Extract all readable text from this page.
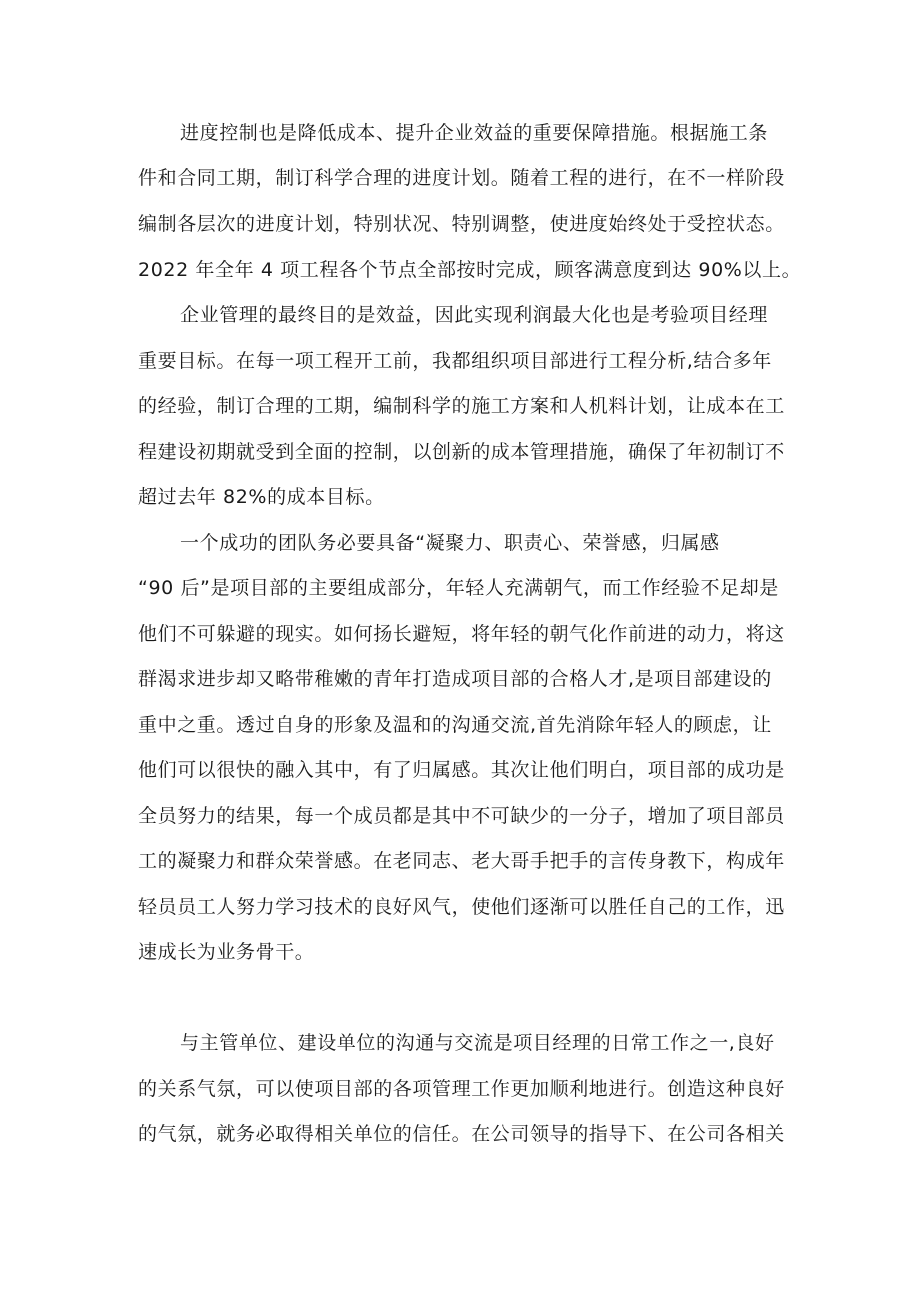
进度控制也是降低成本、提升企业效益的重要保障措施。根据施工条
件和合同工期，制订科学合理的进度计划。随着工程的进行，在不一样阶段
编制各层次的进度计划，特别状况、特别调整，使进度始终处于受控状态。
2022 年全年 4 项工程各个节点全部按时完成，顾客满意度到达 90%以上。
企业管理的最终目的是效益，因此实现利润最大化也是考验项目经理
重要目标。在每一项工程开工前，我都组织项目部进行工程分析,结合多年
的经验，制订合理的工期，编制科学的施工方案和人机料计划，让成本在工
程建设初期就受到全面的控制，以创新的成本管理措施，确保了年初制订不
超过去年 82%的成本目标。
一个成功的团队务必要具备“凝聚力、职责心、荣誉感，归属感
“90 后”是项目部的主要组成部分，年轻人充满朝气，而工作经验不足却是
他们不可躲避的现实。如何扬长避短，将年轻的朝气化作前进的动力，将这
群渴求进步却又略带稚嫩的青年打造成项目部的合格人才,是项目部建设的
重中之重。透过自身的形象及温和的沟通交流,首先消除年轻人的顾虑，让
他们可以很快的融入其中，有了归属感。其次让他们明白，项目部的成功是
全员努力的结果，每一个成员都是其中不可缺少的一分子，增加了项目部员
工的凝聚力和群众荣誉感。在老同志、老大哥手把手的言传身教下，构成年
轻员员工人努力学习技术的良好风气，使他们逐渐可以胜任自己的工作，迅
速成长为业务骨干。
与主管单位、建设单位的沟通与交流是项目经理的日常工作之一,良好
的关系气氛，可以使项目部的各项管理工作更加顺利地进行。创造这种良好
的气氛，就务必取得相关单位的信任。在公司领导的指导下、在公司各相关
